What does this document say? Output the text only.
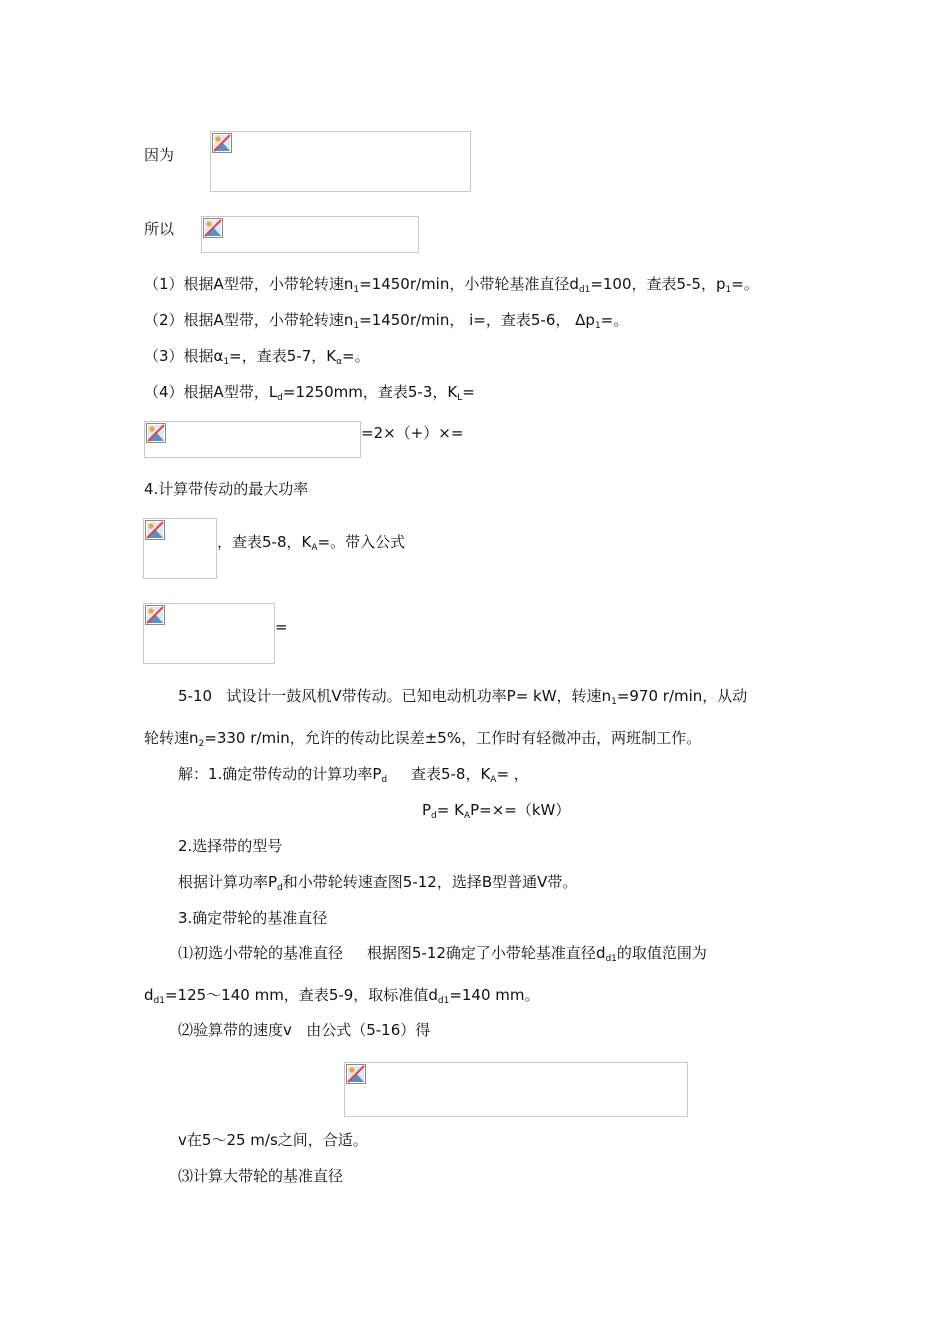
因为
所以
（1）根据A型带，小带轮转速$n_1=1450r/\min$，小带轮基准直径$d_{d1}=100$，查表5-5，$p_1=$。
（2）根据A型带，小带轮转速$n_1=1450r/\min$， i=，查表5-6， $\Delta p_1=$。
（3）根据$\alpha_1=$，查表5-7，$K_\alpha=$。
（4）根据A型带，$L_d=1250mm$，查表5-3，$K_L=$
=2×（+）×=
4.计算带传动的最大功率
，查表5-8，$K_A=$。带入公式
=
5-10 试设计一鼓风机V带传动。已知电动机功率P= kW，转速$n_1=970$ r/min，从动
轮转速$n_2=330$ r/min，允许的传动比误差±5%，工作时有轻微冲击，两班制工作。
解：1.确定带传动的计算功率$P_d$ 查表5-8，$K_A=$ ，
$P_d= K_AP=\times=(kW)$
2.选择带的型号
根据计算功率$P_d$和小带轮转速查图5-12，选择B型普通V带。
3.确定带轮的基准直径
⑴初选小带轮的基准直径 根据图5-12确定了小带轮基准直径$d_{d1}$的取值范围为
$d_{d1}=125\sim 140$ mm，查表5-9，取标准值$d_{d1}=140$ mm。
⑵验算带的速度v 由公式（5-16）得
v在5～25 m/s之间，合适。
⑶计算大带轮的基准直径
